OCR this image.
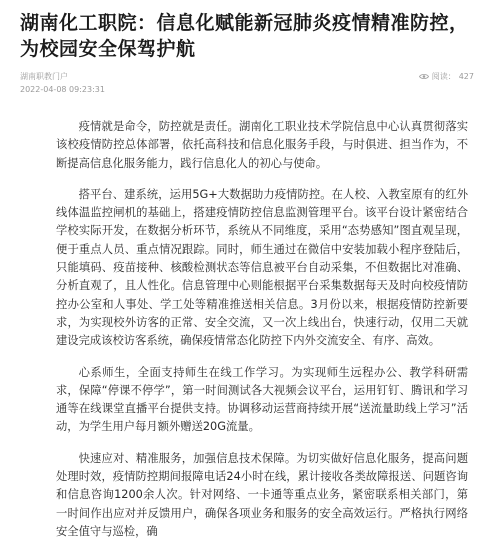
湖南化工职院：信息化赋能新冠肺炎疫情精准防控，为校园安全保驾护航
湖南职教门户
2022-04-08 09:23:31
阅读： 427

疫情就是命令，防控就是责任。湖南化工职业技术学院信息中心认真贯彻落实该校疫情防控总体部署，依托高科技和信息化服务手段，与时俱进、担当作为，不断提高信息化服务能力，践行信息化人的初心与使命。

搭平台、建系统，运用5G+大数据助力疫情防控。在人校、入教室原有的红外线体温监控闸机的基础上，搭建疫情防控信息监测管理平台。该平台设计紧密结合学校实际开发，在数据分析环节，系统从不同维度，采用“态势感知”图直观呈现，便于重点人员、重点情况跟踪。同时，师生通过在微信中安装加载小程序登陆后，只能填码、疫苗接种、核酸检测状态等信息被平台自动采集，不但数据比对准确、分析直观了，且人性化。信息管理中心则能根据平台采集数据每天及时向校疫情防控办公室和人事处、学工处等精准推送相关信息。3月份以来，根据疫情防控新要求，为实现校外访客的正常、安全交流，又一次上线出台，快速行动，仅用二天就建设完成该校访客系统，确保疫情常态化防控下内外交流安全、有序、高效。

心系师生，全面支持师生在线工作学习。为实现师生远程办公、教学科研需求，保障“停课不停学”，第一时间测试各大视频会议平台，运用钉钉、腾讯和学习通等在线课堂直播平台提供支持。协调移动运营商持续开展“送流量助线上学习”活动，为学生用户每月额外赠送20G流量。

快速应对、精准服务，加强信息技术保障。为切实做好信息化服务，提高问题处理时效，疫情防控期间报障电话24小时在线，累计接收各类故障报送、问题咨询和信息咨询1200余人次。针对网络、一卡通等重点业务，紧密联系相关部门，第一时间作出应对并反馈用户，确保各项业务和服务的安全高效运行。严格执行网络安全值守与巡检，确
